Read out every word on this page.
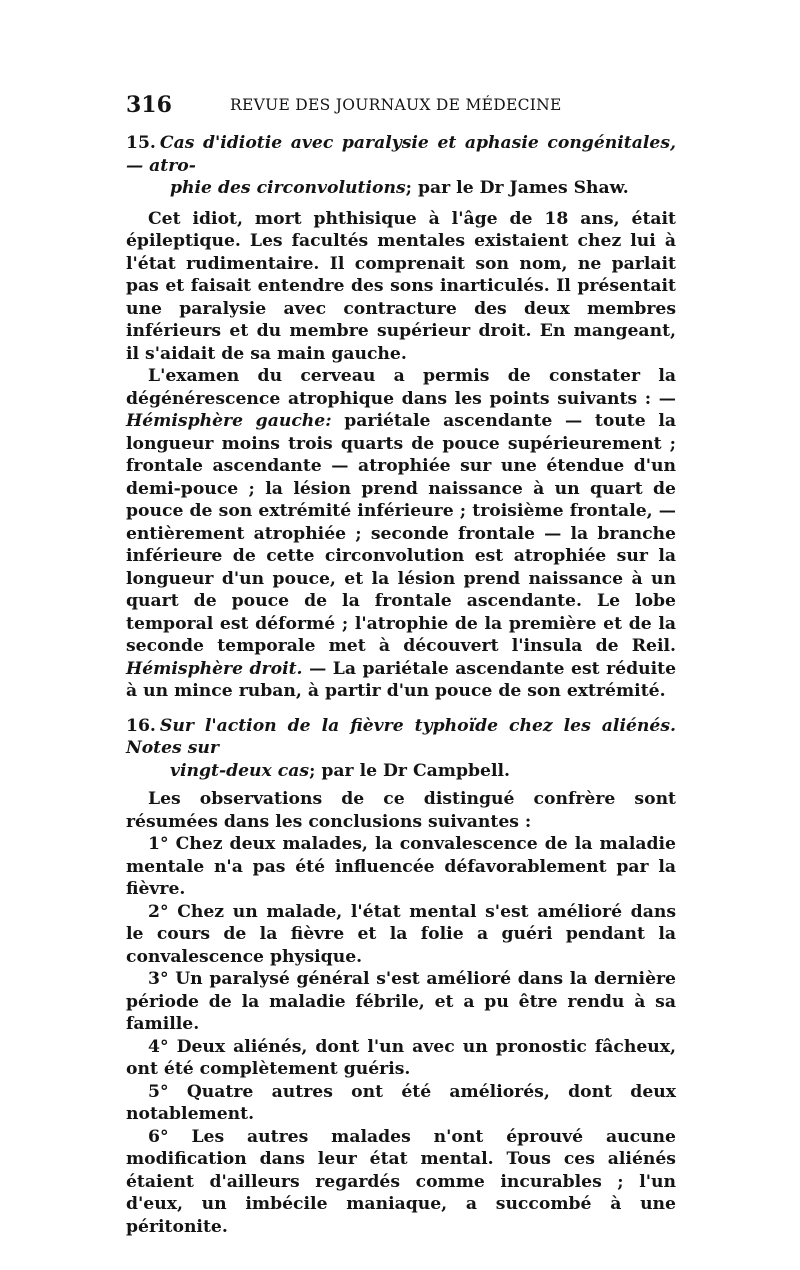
316	REVUE DES JOURNAUX DE MÉDECINE
15. Cas d'idiotie avec paralysie et aphasie congénitales, — atro-
phie des circonvolutions; par le Dr James Shaw.

Cet idiot, mort phthisique à l'âge de 18 ans, était épileptique. Les facultés mentales existaient chez lui à l'état rudimentaire. Il comprenait son nom, ne parlait pas et faisait entendre des sons inarticulés. Il présentait une paralysie avec contracture des deux membres inférieurs et du membre supérieur droit. En mangeant, il s'aidait de sa main gauche.

L'examen du cerveau a permis de constater la dégénérescence atrophique dans les points suivants : — Hémisphère gauche: pariétale ascendante — toute la longueur moins trois quarts de pouce supérieurement ; frontale ascendante — atrophiée sur une étendue d'un demi-pouce ; la lésion prend naissance à un quart de pouce de son extrémité inférieure ; troisième frontale, — entièrement atrophiée ; seconde frontale — la branche inférieure de cette circonvolution est atrophiée sur la longueur d'un pouce, et la lésion prend naissance à un quart de pouce de la frontale ascendante. Le lobe temporal est déformé ; l'atrophie de la première et de la seconde temporale met à découvert l'insula de Reil. Hémisphère droit. — La pariétale ascendante est réduite à un mince ruban, à partir d'un pouce de son extrémité.

16. Sur l'action de la fièvre typhoïde chez les aliénés. Notes sur
vingt-deux cas; par le Dr Campbell.

Les observations de ce distingué confrère sont résumées dans les conclusions suivantes :

1° Chez deux malades, la convalescence de la maladie mentale n'a pas été influencée défavorablement par la fièvre.

2° Chez un malade, l'état mental s'est amélioré dans le cours de la fièvre et la folie a guéri pendant la convalescence physique.

3° Un paralysé général s'est amélioré dans la dernière période de la maladie fébrile, et a pu être rendu à sa famille.

4° Deux aliénés, dont l'un avec un pronostic fâcheux, ont été complètement guéris.

5° Quatre autres ont été améliorés, dont deux notablement.

6° Les autres malades n'ont éprouvé aucune modification dans leur état mental. Tous ces aliénés étaient d'ailleurs regardés comme incurables ; l'un d'eux, un imbécile maniaque, a succombé à une péritonite.
